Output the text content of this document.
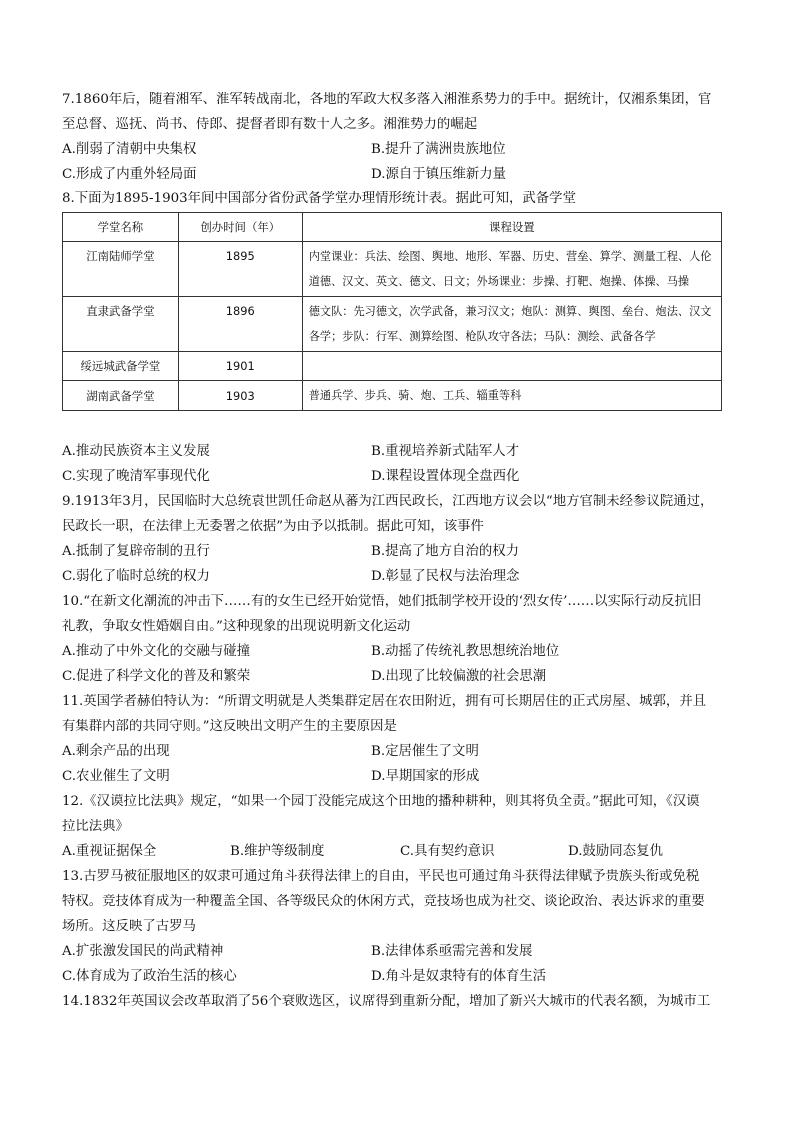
7.1860年后，随着湘军、淮军转战南北，各地的军政大权多落入湘淮系势力的手中。据统计，仅湘系集团，官
至总督、巡抚、尚书、侍郎、提督者即有数十人之多。湘淮势力的崛起
A.削弱了清朝中央集权	B.提升了满洲贵族地位
C.形成了内重外轻局面	D.源自于镇压维新力量
8.下面为1895-1903年间中国部分省份武备学堂办理情形统计表。据此可知，武备学堂
学堂名称	创办时间（年）	课程设置
江南陆师学堂	1895	内堂课业：兵法、绘图、舆地、地形、军器、历史、营垒、算学、测量工程、人伦道德、汉文、英文、德文、日文；外场课业：步操、打靶、炮操、体操、马操
直隶武备学堂	1896	德文队：先习德文，次学武备，兼习汉文；炮队：测算、舆图、垒台、炮法、汉文各学；步队：行军、测算绘图、枪队攻守各法；马队：测绘、武备各学
绥远城武备学堂	1901	
湖南武备学堂	1903	普通兵学、步兵、骑、炮、工兵、辎重等科
A.推动民族资本主义发展	B.重视培养新式陆军人才
C.实现了晚清军事现代化	D.课程设置体现全盘西化
9.1913年3月，民国临时大总统袁世凯任命赵从蕃为江西民政长，江西地方议会以“地方官制未经参议院通过，
民政长一职，在法律上无委署之依据”为由予以抵制。据此可知，该事件
A.抵制了复辟帝制的丑行	B.提高了地方自治的权力
C.弱化了临时总统的权力	D.彰显了民权与法治理念
10.“在新文化潮流的冲击下……有的女生已经开始觉悟，她们抵制学校开设的‘烈女传’……以实际行动反抗旧
礼教，争取女性婚姻自由。”这种现象的出现说明新文化运动
A.推动了中外文化的交融与碰撞	B.动摇了传统礼教思想统治地位
C.促进了科学文化的普及和繁荣	D.出现了比较偏激的社会思潮
11.英国学者赫伯特认为：“所谓文明就是人类集群定居在农田附近，拥有可长期居住的正式房屋、城郭，并且
有集群内部的共同守则。”这反映出文明产生的主要原因是
A.剩余产品的出现	B.定居催生了文明
C.农业催生了文明	D.早期国家的形成
12.《汉谟拉比法典》规定，“如果一个园丁没能完成这个田地的播种耕种，则其将负全责。”据此可知，《汉谟
拉比法典》
A.重视证据保全	B.维护等级制度	C.具有契约意识	D.鼓励同态复仇
13.古罗马被征服地区的奴隶可通过角斗获得法律上的自由，平民也可通过角斗获得法律赋予贵族头衔或免税
特权。竞技体育成为一种覆盖全国、各等级民众的休闲方式，竞技场也成为社交、谈论政治、表达诉求的重要
场所。这反映了古罗马
A.扩张激发国民的尚武精神	B.法律体系亟需完善和发展
C.体育成为了政治生活的核心	D.角斗是奴隶特有的体育生活
14.1832年英国议会改革取消了56个衰败选区，议席得到重新分配，增加了新兴大城市的代表名额，为城市工
